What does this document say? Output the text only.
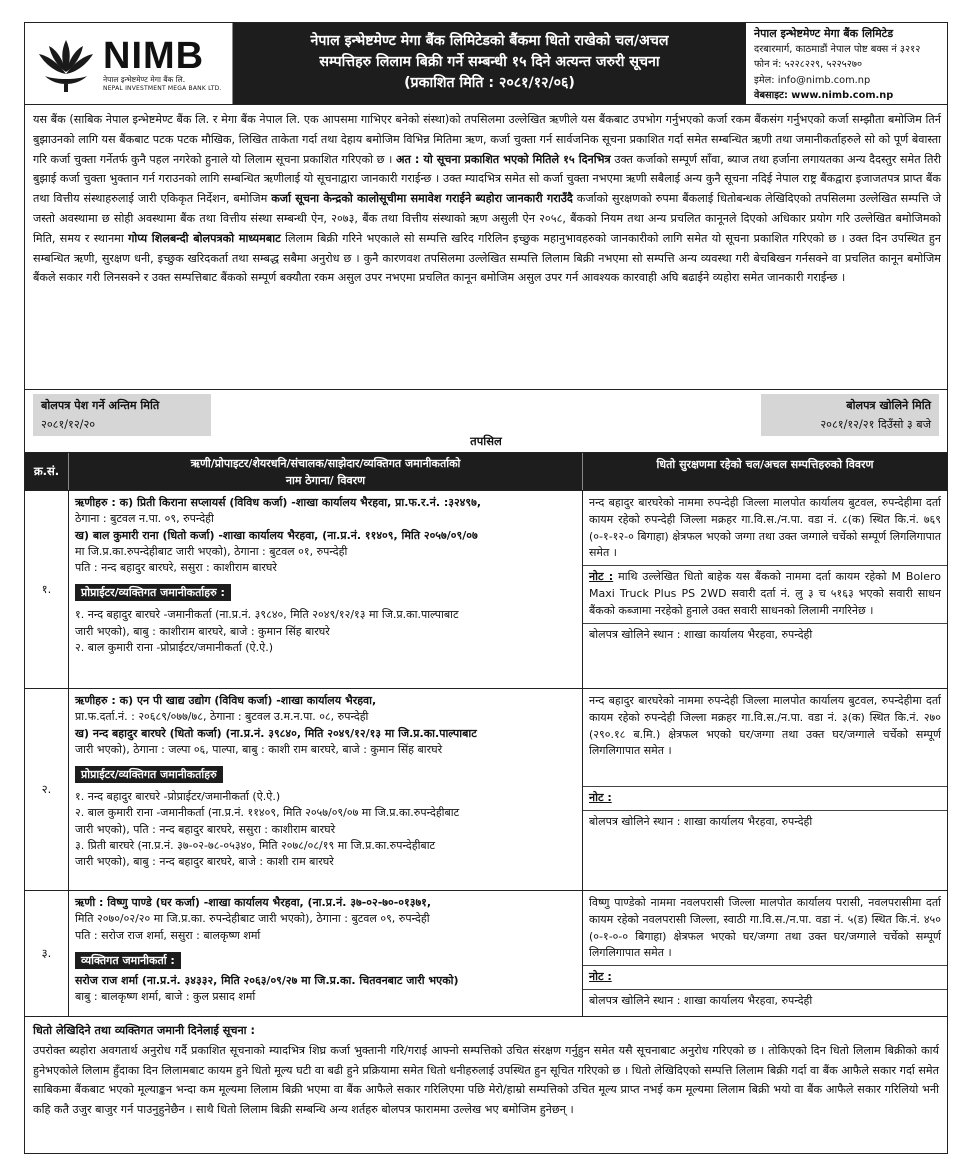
NIMB
नेपाल इन्भेष्टमेण्ट मेगा बैंक लि.
NEPAL INVESTMENT MEGA BANK LTD.
नेपाल इन्भेष्टमेण्ट मेगा बैंक लिमिटेडको बैंकमा धितो राखेको चल/अचल
सम्पत्तिहरु लिलाम बिक्री गर्ने सम्बन्धी १५ दिने अत्यन्त जरुरी सूचना
(प्रकाशित मिति : २०८१/१२/०६)
नेपाल इन्भेष्टमेण्ट मेगा बैंक लिमिटेड
दरबारमार्ग, काठमाडौं नेपाल पोष्ट बक्स नं ३२१२
फोन नं: ५२२८२२९, ५२२५२७०
इमेल: info@nimb.com.np
वेबसाइट: www.nimb.com.np
यस बैंक (साबिक नेपाल इन्भेष्टमेण्ट बैंक लि. र मेगा बैंक नेपाल लि. एक आपसमा गाभिएर बनेको संस्था)को तपसिलमा उल्लेखित ऋणीले यस बैंकबाट उपभोग गर्नुभएको कर्जा रकम बैंकसंग गर्नुभएको कर्जा सम्झौता बमोजिम तिर्न बुझाउनको लागि यस बैंकबाट पटक पटक मौखिक, लिखित ताकेता गर्दा तथा देहाय बमोजिम विभिन्न मितिमा ऋण, कर्जा चुक्ता गर्न सार्वजनिक सूचना प्रकाशित गर्दा समेत सम्बन्धित ऋणी तथा जमानीकर्ताहरुले सो को पूर्ण बेवास्ता गरि कर्जा चुक्ता गर्नेतर्फ कुनै पहल नगरेको हुनाले यो लिलाम सूचना प्रकाशित गरिएको छ । अत : यो सूचना प्रकाशित भएको मितिले १५ दिनभित्र उक्त कर्जाको सम्पूर्ण साँवा, ब्याज तथा हर्जाना लगायतका अन्य दैदस्तुर समेत तिरी बुझाई कर्जा चुक्ता भुक्तान गर्न गराउनको लागि सम्बन्धित ऋणीलाई यो सूचनाद्वारा जानकारी गराईन्छ । उक्त म्यादभित्र समेत सो कर्जा चुक्ता नभएमा ऋणी सबैलाई अन्य कुनै सूचना नदिई नेपाल राष्ट्र बैंकद्वारा इजाजतपत्र प्राप्त बैंक तथा वित्तीय संस्थाहरुलाई जारी एकिकृत निर्देशन, बमोजिम कर्जा सूचना केन्द्रको कालोसूचीमा समावेश गराईने ब्यहोरा जानकारी गराउँदै कर्जाको सुरक्षणको रुपमा बैंकलाई धितोबन्धक लेखिदिएको तपसिलमा उल्लेखित सम्पत्ति जे जस्तो अवस्थामा छ सोही अवस्थामा बैंक तथा वित्तीय संस्था सम्बन्धी ऐन, २०७३, बैंक तथा वित्तीय संस्थाको ऋण असुली ऐन २०५८, बैंकको नियम तथा अन्य प्रचलित कानूनले दिएको अधिकार प्रयोग गरि उल्लेखित बमोजिमको मिति, समय र स्थानमा गोप्य शिलबन्दी बोलपत्रको माध्यमबाट लिलाम बिक्री गरिने भएकाले सो सम्पत्ति खरिद गरिलिन इच्छुक महानुभावहरुको जानकारीको लागि समेत यो सूचना प्रकाशित गरिएको छ । उक्त दिन उपस्थित हुन सम्बन्धित ऋणी, सुरक्षण धनी, इच्छुक खरिदकर्ता तथा सम्बद्ध सबैमा अनुरोध छ । कुनै कारणवश तपसिलमा उल्लेखित सम्पत्ति लिलाम बिक्री नभएमा सो सम्पत्ति अन्य व्यवस्था गरी बेचबिखन गर्नसक्ने वा प्रचलित कानून बमोजिम बैंकले सकार गरी लिनसक्ने र उक्त सम्पत्तिबाट बैंकको सम्पूर्ण बक्यौता रकम असुल उपर नभएमा प्रचलित कानून बमोजिम असुल उपर गर्न आवश्यक कारवाही अघि बढाईने व्यहोरा समेत जानकारी गराईन्छ ।
बोलपत्र पेश गर्ने अन्तिम मिति
२०८१/१२/२०
बोलपत्र खोलिने मिति
२०८१/१२/२१ दिउँसो ३ बजे
तपसिल
क्र.सं.
ऋणी/प्रोपाइटर/शेयरधनि/संचालक/साझेदार/व्यक्तिगत जमानीकर्ताको
नाम ठेगाना/ विवरण
धितो सुरक्षणमा रहेको चल/अचल सम्पत्तिहरुको विवरण
१.
ऋणीहरु : क) प्रिती किराना सप्लायर्स (विविध कर्जा) -शाखा कार्यालय भैरहवा, प्रा.फ.र.नं. :३२४९७,
ठेगाना : बुटवल न.पा. ०९, रुपन्देही
ख) बाल कुमारी राना (धितो कर्जा) -शाखा कार्यालय भैरहवा, (ना.प्र.नं. ११४०९, मिति २०५७/०९/०७
मा जि.प्र.का.रुपन्देहीबाट जारी भएको), ठेगाना : बुटवल ०१, रुपन्देही
पति : नन्द बहादुर बारघरे, ससुरा : काशीराम बारघरे
प्रोप्राईटर/व्यक्तिगत जमानीकर्ताहरु :
१. नन्द बहादुर बारघरे -जमानीकर्ता (ना.प्र.नं. ३९८४०, मिति २०४९/१२/१३ मा जि.प्र.का.पाल्पाबाट
जारी भएको), बाबु : काशीराम बारघरे, बाजे : कुमान सिंह बारघरे
२. बाल कुमारी राना -प्रोप्राईटर/जमानीकर्ता (ऐ.ऐ.)
नन्द बहादुर बारघरेको नाममा रुपन्देही जिल्ला मालपोत कार्यालय बुटवल, रुपन्देहीमा दर्ता कायम रहेको रुपन्देही जिल्ला मक्रहर गा.वि.स./न.पा. वडा नं. ८(क) स्थित कि.नं. ७६९ (०-१-१२-० बिगाहा) क्षेत्रफल भएको जग्गा तथा उक्त जग्गाले चर्चेको सम्पूर्ण लिगलिगापात समेत ।
नोट : माथि उल्लेखित धितो बाहेक यस बैंकको नाममा दर्ता कायम रहेको M Bolero Maxi Truck Plus PS 2WD सवारी दर्ता नं. लु ३ च ५१६३ भएको सवारी साधन बैंकको कब्जामा नरहेको हुनाले उक्त सवारी साधनको लिलामी नगरिनेछ ।
बोलपत्र खोलिने स्थान : शाखा कार्यालय भैरहवा, रुपन्देही
२.
ऋणीहरु : क) एन पी खाद्य उद्योग (विविध कर्जा) -शाखा कार्यालय भैरहवा,
प्रा.फ.दर्ता.नं. : २०६८९/०७७/७८, ठेगाना : बुटवल उ.म.न.पा. ०८, रुपन्देही
ख) नन्द बहादुर बारघरे (धितो कर्जा) (ना.प्र.नं. ३९८४०, मिति २०४९/१२/१३ मा जि.प्र.का.पाल्पाबाट
जारी भएको), ठेगाना : जल्पा ०६, पाल्पा, बाबु : काशी राम बारघरे, बाजे : कुमान सिंह बारघरे
प्रोप्राईटर/व्यक्तिगत जमानीकर्ताहरु
१. नन्द बहादुर बारघरे -प्रोप्राईटर/जमानीकर्ता (ऐ.ऐ.)
२. बाल कुमारी राना -जमानीकर्ता (ना.प्र.नं. ११४०९, मिति २०५७/०९/०७ मा जि.प्र.का.रुपन्देहीबाट
जारी भएको), पति : नन्द बहादुर बारघरे, ससुरा : काशीराम बारघरे
३. प्रिती बारघरे (ना.प्र.नं. ३७-०२-७८-०५३४०, मिति २०७८/०८/१९ मा जि.प्र.का.रुपन्देहीबाट
जारी भएको), बाबु : नन्द बहादुर बारघरे, बाजे : काशी राम बारघरे
नन्द बहादुर बारघरेको नाममा रुपन्देही जिल्ला मालपोत कार्यालय बुटवल, रुपन्देहीमा दर्ता कायम रहेको रुपन्देही जिल्ला मक्रहर गा.वि.स./न.पा. वडा नं. ३(क) स्थित कि.नं. २७० (२९०.१८ ब.मि.) क्षेत्रफल भएको घर/जग्गा तथा उक्त घर/जग्गाले चर्चेको सम्पूर्ण लिगलिगापात समेत ।
नोट :
बोलपत्र खोलिने स्थान : शाखा कार्यालय भैरहवा, रुपन्देही
३.
ऋणी : विष्णु पाण्डे (घर कर्जा) -शाखा कार्यालय भैरहवा, (ना.प्र.नं. ३७-०२-७०-०१३७१,
मिति २०७०/०२/२० मा जि.प्र.का. रुपन्देहीबाट जारी भएको), ठेगाना : बुटवल ०९, रुपन्देही
पति : सरोज राज शर्मा, ससुरा : बालकृष्ण शर्मा
व्यक्तिगत जमानीकर्ता :
सरोज राज शर्मा (ना.प्र.नं. ३४३३२, मिति २०६३/०९/२७ मा जि.प्र.का. चितवनबाट जारी भएको)
बाबु : बालकृष्ण शर्मा, बाजे : कुल प्रसाद शर्मा
विष्णु पाण्डेको नाममा नवलपरासी जिल्ला मालपोत कार्यालय परासी, नवलपरासीमा दर्ता कायम रहेको नवलपरासी जिल्ला, स्वाठी गा.वि.स./न.पा. वडा नं. ५(ड) स्थित कि.नं. ४५० (०-१-०-० बिगाहा) क्षेत्रफल भएको घर/जग्गा तथा उक्त घर/जग्गाले चर्चेको सम्पूर्ण लिगलिगापात समेत ।
नोट :
बोलपत्र खोलिने स्थान : शाखा कार्यालय भैरहवा, रुपन्देही
धितो लेखिदिने तथा व्यक्तिगत जमानी दिनेलाई सूचना :
उपरोक्त ब्यहोरा अवगतार्थ अनुरोध गर्दै प्रकाशित सूचनाको म्यादभित्र शिघ्र कर्जा भुक्तानी गरि/गराई आफ्नो सम्पत्तिको उचित संरक्षण गर्नुहुन समेत यसै सूचनाबाट अनुरोध गरिएको छ । तोकिएको दिन धितो लिलाम बिक्रीको कार्य हुनेभएकोले लिलाम हुँदाका दिन लिलामबाट कायम हुने धितो मूल्य घटी वा बढी हुने प्रक्रियामा समेत धितो धनीहरुलाई उपस्थित हुन सूचित गरिएको छ । धितो लेखिदिएको सम्पत्ति लिलाम बिक्री गर्दा वा बैंक आफैले सकार गर्दा समेत साबिकमा बैंकबाट भएको मूल्याङ्कन भन्दा कम मूल्यमा लिलाम बिक्री भएमा वा बैंक आफैले सकार गरिलिएमा पछि मेरो/हाम्रो सम्पत्तिको उचित मूल्य प्राप्त नभई कम मूल्यमा लिलाम बिक्री भयो वा बैंक आफैले सकार गरिलियो भनी कहि कतै उजुर बाजुर गर्न पाउनुहुनेछैन । साथै धितो लिलाम बिक्री सम्बन्धि अन्य शर्तहरु बोलपत्र फाराममा उल्लेख भए बमोजिम हुनेछन् ।
